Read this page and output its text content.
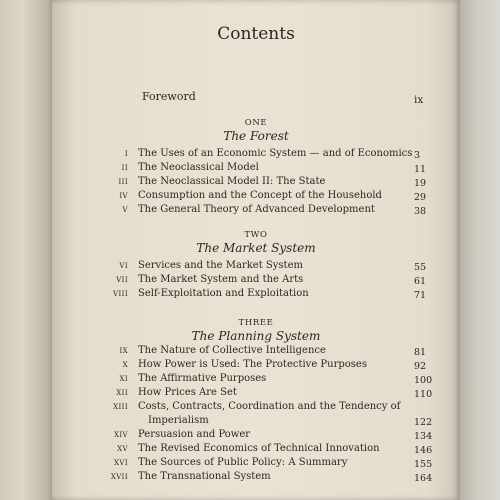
Contents
Foreword	ix
ONE
The Forest
I The Uses of an Economic System — and of Economics 3
II The Neoclassical Model	11
III The Neoclassical Model II: The State	19
IV Consumption and the Concept of the Household	29
V The General Theory of Advanced Development	38
TWO
The Market System
VI Services and the Market System	55
VII The Market System and the Arts	61
VIII Self-Exploitation and Exploitation	71
THREE
The Planning System
IX The Nature of Collective Intelligence	81
X How Power is Used: The Protective Purposes	92
XI The Affirmative Purposes	100
XII How Prices Are Set	110
XIII Costs, Contracts, Coordination and the Tendency of
Imperialism	122
XIV Persuasion and Power	134
XV The Revised Economics of Technical Innovation	146
XVI The Sources of Public Policy: A Summary	155
XVII The Transnational System	164
